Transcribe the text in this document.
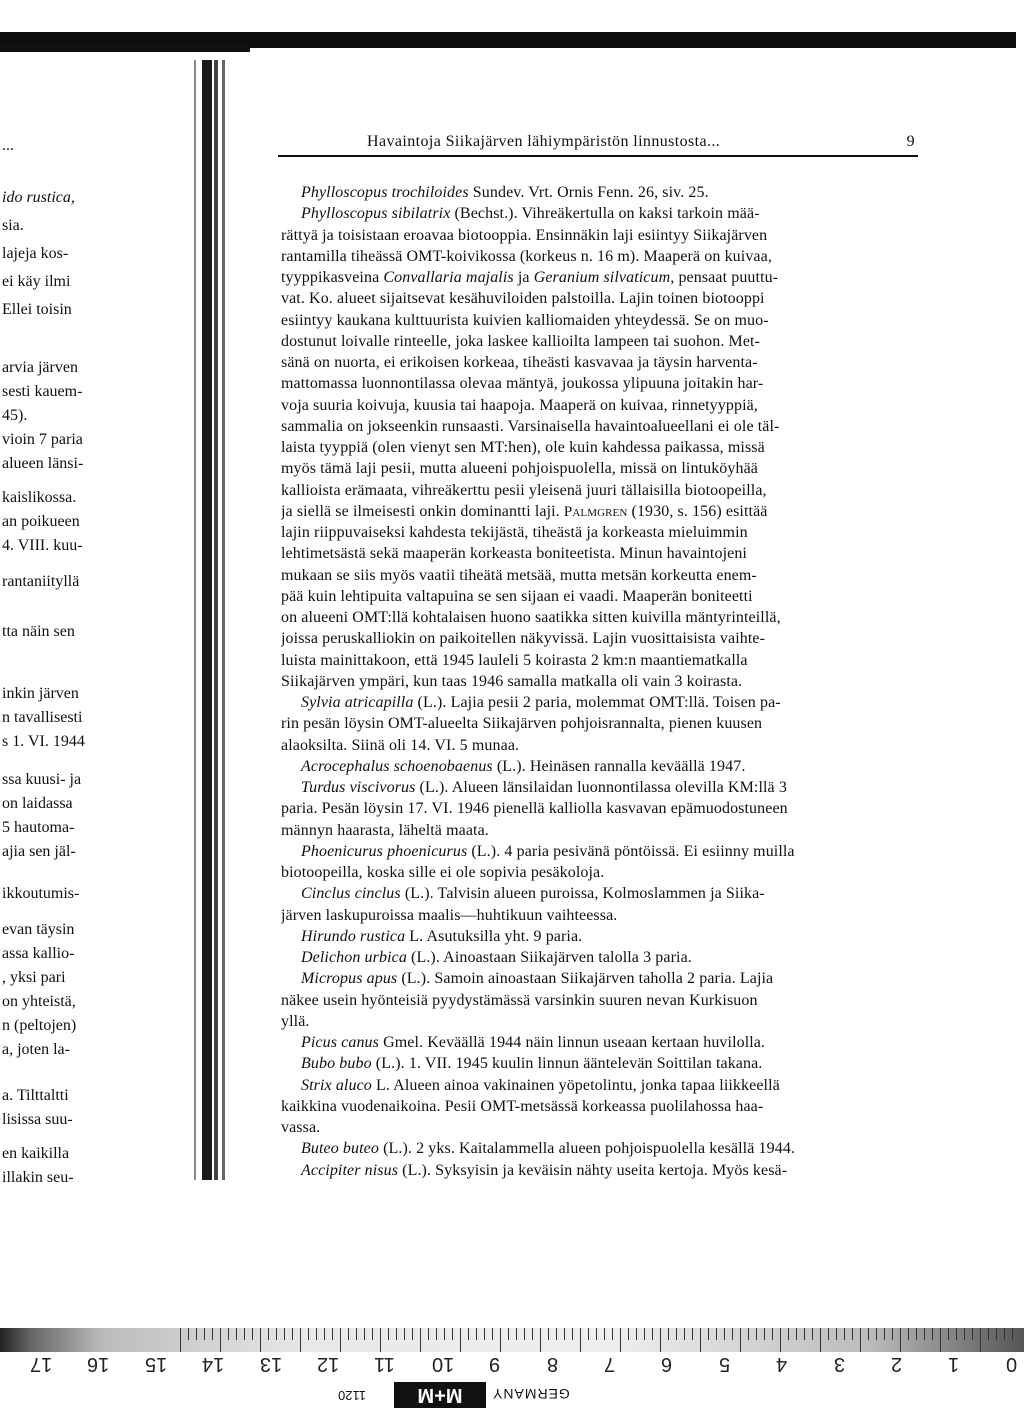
...
ido rustica,
sia.
lajeja kos-
ei käy ilmi
Ellei toisin
arvia järven
sesti kauem-
45).
vioin 7 paria
alueen länsi-
kaislikossa.
an poikueen
4. VIII. kuu-
rantaniityllä
tta näin sen
inkin järven
n tavallisesti
s 1. VI. 1944
ssa kuusi- ja
on laidassa
5 hautoma-
ajia sen jäl-
ikkoutumis-
evan täysin
assa kallio-
, yksi pari
on yhteistä,
n (peltojen)
a, joten la-
a. Tilttaltti
lisissa suu-
en kaikilla
illakin seu-
Havaintoja Siikajärven lähiympäristön linnustosta...	9
Phylloscopus trochiloides Sundev. Vrt. Ornis Fenn. 26, siv. 25.
Phylloscopus sibilatrix (Bechst.). Vihreäkertulla on kaksi tarkoin mää-
rättyä ja toisistaan eroavaa biotooppia. Ensinnäkin laji esiintyy Siikajärven
rantamilla tiheässä OMT-koivikossa (korkeus n. 16 m). Maaperä on kuivaa,
tyyppikasveina Convallaria majalis ja Geranium silvaticum, pensaat puuttu-
vat. Ko. alueet sijaitsevat kesähuviloiden palstoilla. Lajin toinen biotooppi
esiintyy kaukana kulttuurista kuivien kalliomaiden yhteydessä. Se on muo-
dostunut loivalle rinteelle, joka laskee kallioilta lampeen tai suohon. Met-
sänä on nuorta, ei erikoisen korkeaa, tiheästi kasvavaa ja täysin harventa-
mattomassa luonnontilassa olevaa mäntyä, joukossa ylipuuna joitakin har-
voja suuria koivuja, kuusia tai haapoja. Maaperä on kuivaa, rinnetyyppiä,
sammalia on jokseenkin runsaasti. Varsinaisella havaintoalueellani ei ole täl-
laista tyyppiä (olen vienyt sen MT:hen), ole kuin kahdessa paikassa, missä
myös tämä laji pesii, mutta alueeni pohjoispuolella, missä on lintuköyhää
kallioista erämaata, vihreäkerttu pesii yleisenä juuri tällaisilla biotoopeilla,
ja siellä se ilmeisesti onkin dominantti laji. Palmgren (1930, s. 156) esittää
lajin riippuvaiseksi kahdesta tekijästä, tiheästä ja korkeasta mieluimmin
lehtimetsästä sekä maaperän korkeasta boniteetista. Minun havaintojeni
mukaan se siis myös vaatii tiheätä metsää, mutta metsän korkeutta enem-
pää kuin lehtipuita valtapuina se sen sijaan ei vaadi. Maaperän boniteetti
on alueeni OMT:llä kohtalaisen huono saatikka sitten kuivilla mäntyrinteillä,
joissa peruskalliokin on paikoitellen näkyvissä. Lajin vuosittaisista vaihte-
luista mainittakoon, että 1945 lauleli 5 koirasta 2 km:n maantiematkalla
Siikajärven ympäri, kun taas 1946 samalla matkalla oli vain 3 koirasta.
Sylvia atricapilla (L.). Lajia pesii 2 paria, molemmat OMT:llä. Toisen pa-
rin pesän löysin OMT-alueelta Siikajärven pohjoisrannalta, pienen kuusen
alaoksilta. Siinä oli 14. VI. 5 munaa.
Acrocephalus schoenobaenus (L.). Heinäsen rannalla keväällä 1947.
Turdus viscivorus (L.). Alueen länsilaidan luonnontilassa olevilla KM:llä 3
paria. Pesän löysin 17. VI. 1946 pienellä kalliolla kasvavan epämuodostuneen
männyn haarasta, läheltä maata.
Phoenicurus phoenicurus (L.). 4 paria pesivänä pöntöissä. Ei esiinny muilla
biotoopeilla, koska sille ei ole sopivia pesäkoloja.
Cinclus cinclus (L.). Talvisin alueen puroissa, Kolmoslammen ja Siika-
järven laskupuroissa maalis—huhtikuun vaihteessa.
Hirundo rustica L. Asutuksilla yht. 9 paria.
Delichon urbica (L.). Ainoastaan Siikajärven talolla 3 paria.
Micropus apus (L.). Samoin ainoastaan Siikajärven taholla 2 paria. Lajia
näkee usein hyönteisiä pyydystämässä varsinkin suuren nevan Kurkisuon
yllä.
Picus canus Gmel. Keväällä 1944 näin linnun useaan kertaan huvilolla.
Bubo bubo (L.). 1. VII. 1945 kuulin linnun ääntelevän Soittilan takana.
Strix aluco L. Alueen ainoa vakinainen yöpetolintu, jonka tapaa liikkeellä
kaikkina vuodenaikoina. Pesii OMT-metsässä korkeassa puolilahossa haa-
vassa.
Buteo buteo (L.). 2 yks. Kaitalammella alueen pohjoispuolella kesällä 1944.
Accipiter nisus (L.). Syksyisin ja keväisin nähty useita kertoja. Myös kesä-
M+M	GERMANY
1120
17 16 15 14 13 12 11 10 9 8 7 6 5 4 3 2 1 0
